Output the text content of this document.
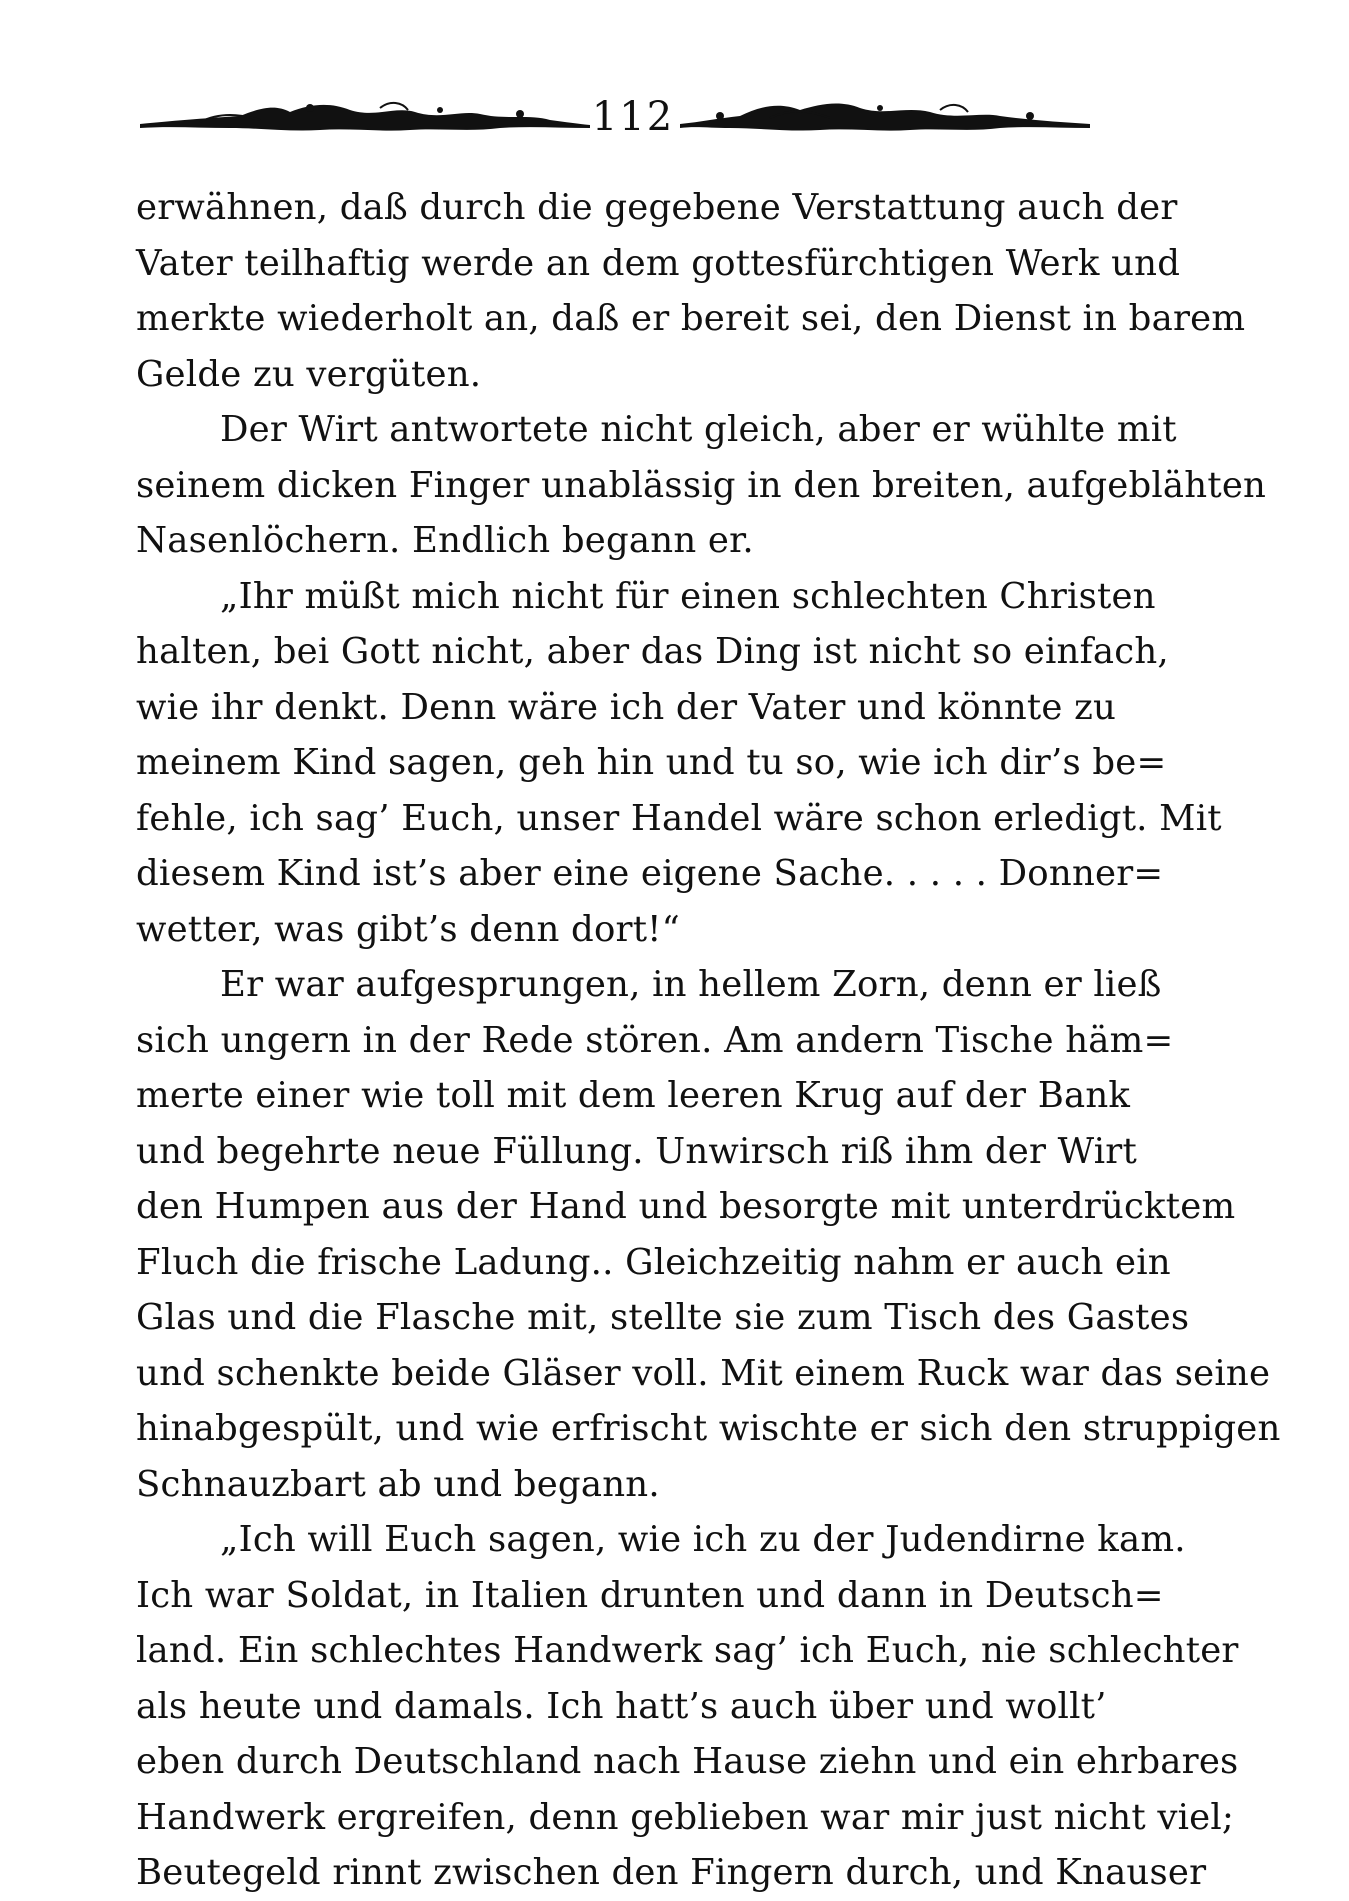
112

erwähnen, daß durch die gegebene Verstattung auch der
Vater teilhaftig werde an dem gottesfürchtigen Werk und
merkte wiederholt an, daß er bereit sei, den Dienst in barem
Gelde zu vergüten.

Der Wirt antwortete nicht gleich, aber er wühlte mit
seinem dicken Finger unablässig in den breiten, aufgeblähten
Nasenlöchern. Endlich begann er.

„Ihr müßt mich nicht für einen schlechten Christen
halten, bei Gott nicht, aber das Ding ist nicht so einfach,
wie ihr denkt. Denn wäre ich der Vater und könnte zu
meinem Kind sagen, geh hin und tu so, wie ich dir’s be=
fehle, ich sag’ Euch, unser Handel wäre schon erledigt. Mit
diesem Kind ist’s aber eine eigene Sache. . . . . Donner=
wetter, was gibt’s denn dort!“

Er war aufgesprungen, in hellem Zorn, denn er ließ
sich ungern in der Rede stören. Am andern Tische häm=
merte einer wie toll mit dem leeren Krug auf der Bank
und begehrte neue Füllung. Unwirsch riß ihm der Wirt
den Humpen aus der Hand und besorgte mit unterdrücktem
Fluch die frische Ladung.. Gleichzeitig nahm er auch ein
Glas und die Flasche mit, stellte sie zum Tisch des Gastes
und schenkte beide Gläser voll. Mit einem Ruck war das seine
hinabgespült, und wie erfrischt wischte er sich den struppigen
Schnauzbart ab und begann.

„Ich will Euch sagen, wie ich zu der Judendirne kam.
Ich war Soldat, in Italien drunten und dann in Deutsch=
land. Ein schlechtes Handwerk sag’ ich Euch, nie schlechter
als heute und damals. Ich hatt’s auch über und wollt’
eben durch Deutschland nach Hause ziehn und ein ehrbares
Handwerk ergreifen, denn geblieben war mir just nicht viel;
Beutegeld rinnt zwischen den Fingern durch, und Knauser
